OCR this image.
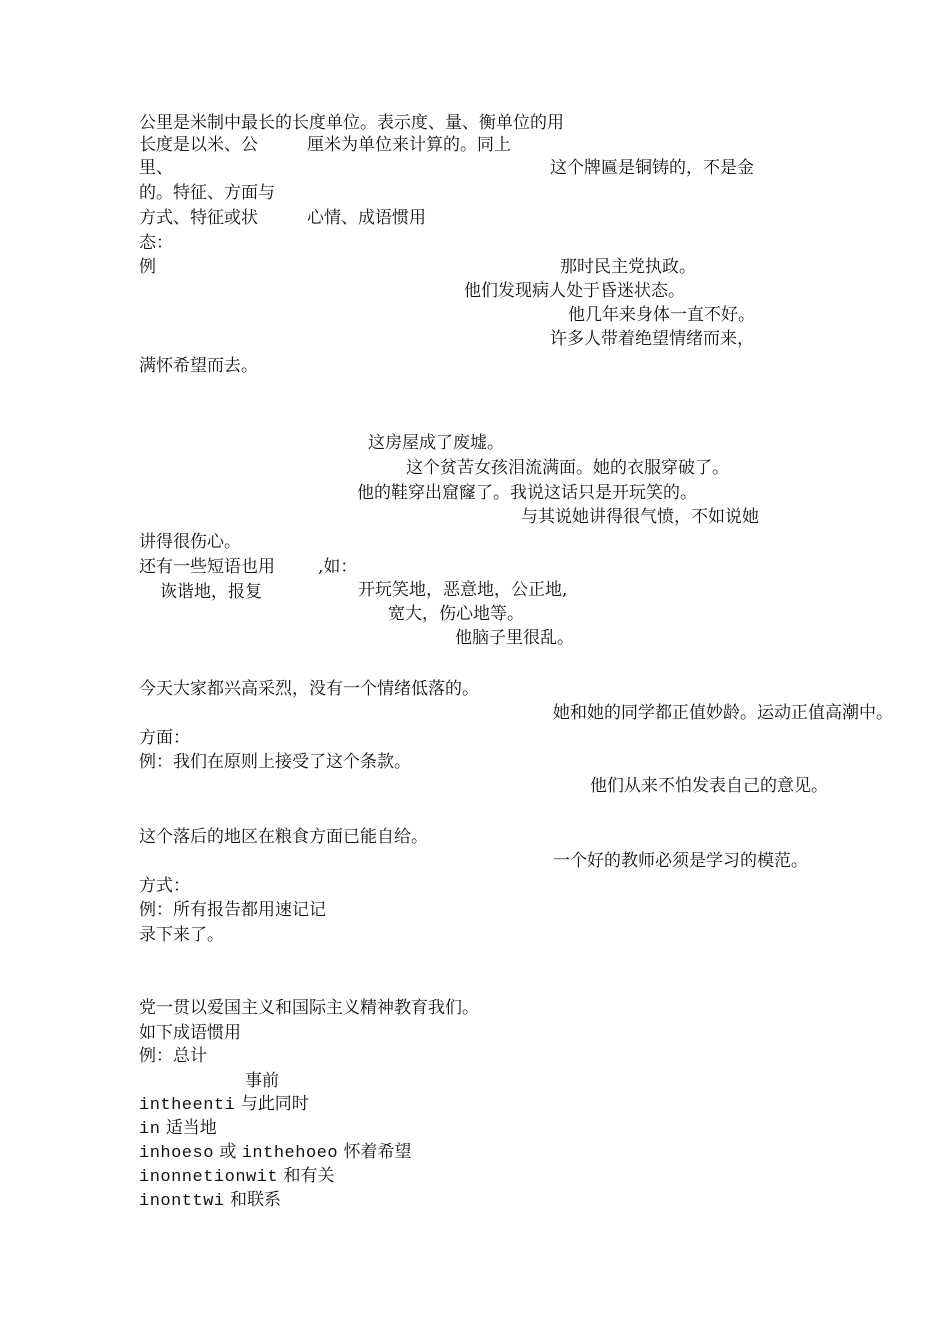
公里是米制中最长的长度单位。表示度、量、衡单位的用
长度是以米、公	厘米为单位来计算的。同上
里、	这个牌匾是铜铸的，不是金
的。特征、方面与
方式、特征或状	心情、成语惯用
态：
例	那时民主党执政。
他们发现病人处于昏迷状态。
他几年来身体一直不好。
许多人带着绝望情绪而来，
满怀希望而去。
这房屋成了废墟。
这个贫苦女孩泪流满面。她的衣服穿破了。
他的鞋穿出窟窿了。我说这话只是开玩笑的。
与其说她讲得很气愤，不如说她
讲得很伤心。
还有一些短语也用	,如：
诙谐地，报复	开玩笑地，恶意地，公正地,
宽大，伤心地等。
他脑子里很乱。
今天大家都兴高采烈，没有一个情绪低落的。
她和她的同学都正值妙龄。运动正值高潮中。
方面：
例：我们在原则上接受了这个条款。
他们从来不怕发表自己的意见。
这个落后的地区在粮食方面已能自给。
一个好的教师必须是学习的模范。
方式：
例：所有报告都用速记记
录下来了。
党一贯以爱国主义和国际主义精神教育我们。
如下成语惯用
例：总计
事前
intheenti 与此同时
in 适当地
inhoeso 或 inthehoeo 怀着希望
inonnetionwit 和有关
inonttwi 和联系
